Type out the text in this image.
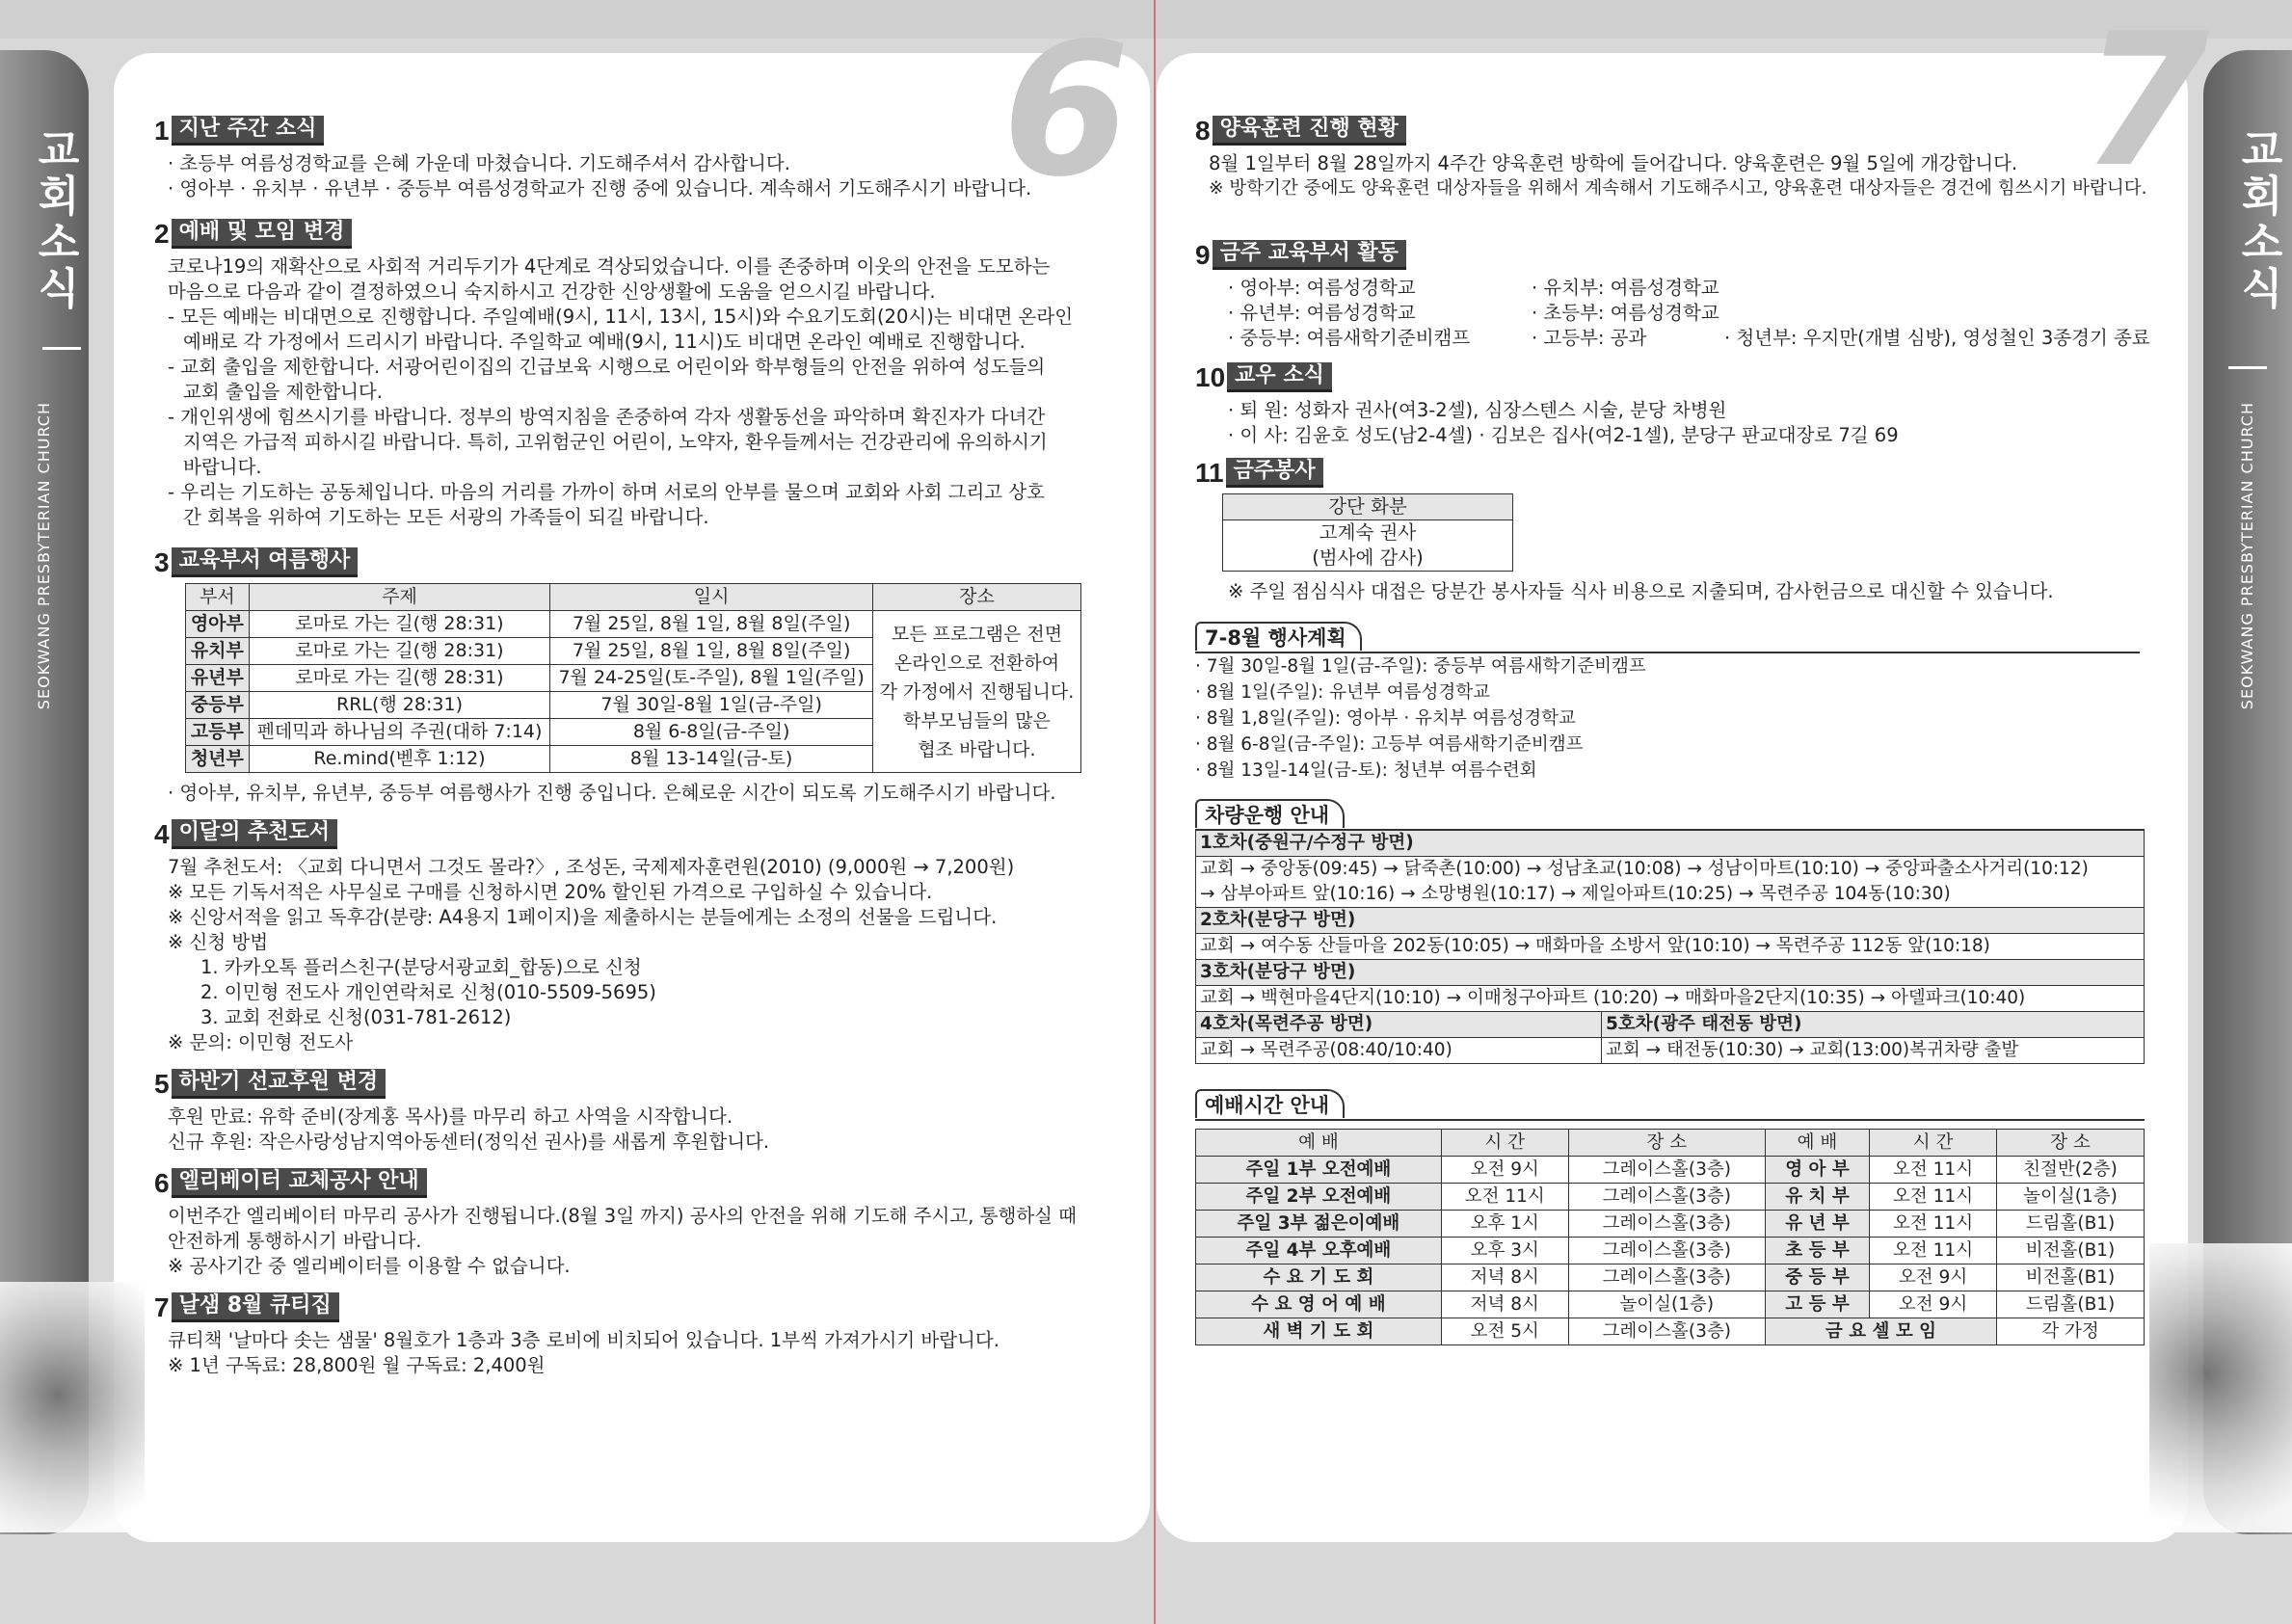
교회소식
SEOKWANG PRESBYTERIAN CHURCH
교회소식
SEOKWANG PRESBYTERIAN CHURCH
6	7
1 지난 주간 소식
· 초등부 여름성경학교를 은혜 가운데 마쳤습니다. 기도해주셔서 감사합니다.
· 영아부 · 유치부 · 유년부 · 중등부 여름성경학교가 진행 중에 있습니다. 계속해서 기도해주시기 바랍니다.
2 예배 및 모임 변경
코로나19의 재확산으로 사회적 거리두기가 4단계로 격상되었습니다. 이를 존중하며 이웃의 안전을 도모하는
마음으로 다음과 같이 결정하였으니 숙지하시고 건강한 신앙생활에 도움을 얻으시길 바랍니다.
- 모든 예배는 비대면으로 진행합니다. 주일예배(9시, 11시, 13시, 15시)와 수요기도회(20시)는 비대면 온라인
예배로 각 가정에서 드리시기 바랍니다. 주일학교 예배(9시, 11시)도 비대면 온라인 예배로 진행합니다.
- 교회 출입을 제한합니다. 서광어린이집의 긴급보육 시행으로 어린이와 학부형들의 안전을 위하여 성도들의
교회 출입을 제한합니다.
- 개인위생에 힘쓰시기를 바랍니다. 정부의 방역지침을 존중하여 각자 생활동선을 파악하며 확진자가 다녀간
지역은 가급적 피하시길 바랍니다. 특히, 고위험군인 어린이, 노약자, 환우들께서는 건강관리에 유의하시기
바랍니다.
- 우리는 기도하는 공동체입니다. 마음의 거리를 가까이 하며 서로의 안부를 물으며 교회와 사회 그리고 상호
간 회복을 위하여 기도하는 모든 서광의 가족들이 되길 바랍니다.
3 교육부서 여름행사
부서	주제	일시	장소
영아부	로마로 가는 길(행 28:31)	7월 25일, 8월 1일, 8월 8일(주일)	모든 프로그램은 전면
온라인으로 전환하여
각 가정에서 진행됩니다.
학부모님들의 많은
협조 바랍니다.

유치부	로마로 가는 길(행 28:31)	7월 25일, 8월 1일, 8월 8일(주일)	
유년부	로마로 가는 길(행 28:31)	7월 24-25일(토-주일), 8월 1일(주일)	
중등부	RRL(행 28:31)	7월 30일-8월 1일(금-주일)	
고등부	펜데믹과 하나님의 주권(대하 7:14)	8월 6-8일(금-주일)	
청년부	Re.mind(벧후 1:12)	8월 13-14일(금-토)	
· 영아부, 유치부, 유년부, 중등부 여름행사가 진행 중입니다. 은혜로운 시간이 되도록 기도해주시기 바랍니다.
4 이달의 추천도서
7월 추천도서: 〈교회 다니면서 그것도 몰라?〉, 조성돈, 국제제자훈련원(2010) (9,000원 → 7,200원)
※ 모든 기독서적은 사무실로 구매를 신청하시면 20% 할인된 가격으로 구입하실 수 있습니다.
※ 신앙서적을 읽고 독후감(분량: A4용지 1페이지)을 제출하시는 분들에게는 소정의 선물을 드립니다.
※ 신청 방법
1. 카카오톡 플러스친구(분당서광교회_합동)으로 신청
2. 이민형 전도사 개인연락처로 신청(010-5509-5695)
3. 교회 전화로 신청(031-781-2612)
※ 문의: 이민형 전도사
5 하반기 선교후원 변경
후원 만료: 유학 준비(장계홍 목사)를 마무리 하고 사역을 시작합니다.
신규 후원: 작은사랑성남지역아동센터(정익선 권사)를 새롭게 후원합니다.
6 엘리베이터 교체공사 안내
이번주간 엘리베이터 마무리 공사가 진행됩니다.(8월 3일 까지) 공사의 안전을 위해 기도해 주시고, 통행하실 때
안전하게 통행하시기 바랍니다.
※ 공사기간 중 엘리베이터를 이용할 수 없습니다.
7 날샘 8월 큐티집
큐티책 '날마다 솟는 샘물' 8월호가 1층과 3층 로비에 비치되어 있습니다. 1부씩 가져가시기 바랍니다.
※ 1년 구독료: 28,800원 월 구독료: 2,400원
8 양육훈련 진행 현황
8월 1일부터 8월 28일까지 4주간 양육훈련 방학에 들어갑니다. 양육훈련은 9월 5일에 개강합니다.
※ 방학기간 중에도 양육훈련 대상자들을 위해서 계속해서 기도해주시고, 양육훈련 대상자들은 경건에 힘쓰시기 바랍니다.
9 금주 교육부서 활동
· 영아부: 여름성경학교
· 유년부: 여름성경학교
· 중등부: 여름새학기준비캠프
· 유치부: 여름성경학교
· 초등부: 여름성경학교
· 고등부: 공과	· 청년부: 우지만(개별 심방), 영성철인 3종경기 종료
10 교우 소식
· 퇴 원: 성화자 권사(여3-2셀), 심장스텐스 시술, 분당 차병원
· 이 사: 김윤호 성도(남2-4셀) · 김보은 집사(여2-1셀), 분당구 판교대장로 7길 69
11 금주봉사
강단 화분
고계숙 권사
(범사에 감사)
※ 주일 점심식사 대접은 당분간 봉사자들 식사 비용으로 지출되며, 감사헌금으로 대신할 수 있습니다.
7-8월 행사계획
· 7월 30일-8월 1일(금-주일): 중등부 여름새학기준비캠프
· 8월 1일(주일): 유년부 여름성경학교
· 8월 1,8일(주일): 영아부 · 유치부 여름성경학교
· 8월 6-8일(금-주일): 고등부 여름새학기준비캠프
· 8월 13일-14일(금-토): 청년부 여름수련회
차량운행 안내
1호차(중원구/수정구 방면)
교회 → 중앙동(09:45) → 닭죽촌(10:00) → 성남초교(10:08) → 성남이마트(10:10) → 중앙파출소사거리(10:12)
→ 삼부아파트 앞(10:16) → 소망병원(10:17) → 제일아파트(10:25) → 목련주공 104동(10:30)
2호차(분당구 방면)
교회 → 여수동 산들마을 202동(10:05) → 매화마을 소방서 앞(10:10) → 목련주공 112동 앞(10:18)
3호차(분당구 방면)
교회 → 백현마을4단지(10:10) → 이매청구아파트 (10:20) → 매화마을2단지(10:35) → 아델파크(10:40)
4호차(목련주공 방면)
교회 → 목련주공(08:40/10:40)
5호차(광주 태전동 방면)
교회 → 태전동(10:30) → 교회(13:00)복귀차량 출발
예배시간 안내
예 배	시 간	장 소	예 배	시 간	장 소
주일 1부 오전예배	오전 9시	그레이스홀(3층)	영 아 부	오전 11시	친절반(2층)
주일 2부 오전예배	오전 11시	그레이스홀(3층)	유 치 부	오전 11시	놀이실(1층)
주일 3부 젊은이예배	오후 1시	그레이스홀(3층)	유 년 부	오전 11시	드림홀(B1)
주일 4부 오후예배	오후 3시	그레이스홀(3층)	초 등 부	오전 11시	비전홀(B1)
수 요 기 도 회	저녁 8시	그레이스홀(3층)	중 등 부	오전 9시	비전홀(B1)
수 요 영 어 예 배	저녁 8시	놀이실(1층)	고 등 부	오전 9시	드림홀(B1)
새 벽 기 도 회	오전 5시	그레이스홀(3층)	금 요 셀 모 임		각 가정
